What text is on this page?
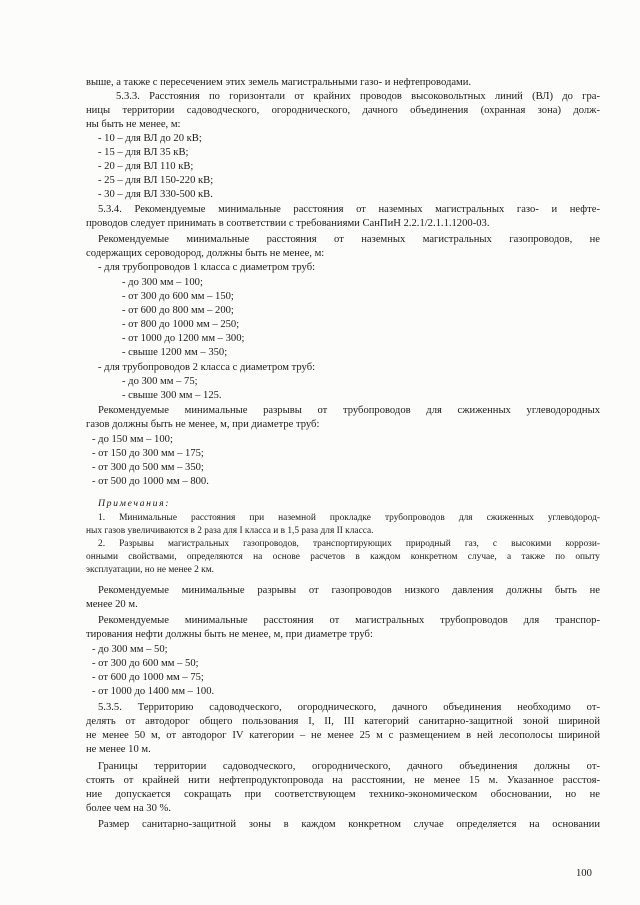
выше, а также с пересечением этих земель магистральными газо- и нефтепроводами.
5.3.3. Расстояния по горизонтали от крайних проводов высоковольтных линий (ВЛ) до гра-
ницы территории садоводческого, огороднического, дачного объединения (охранная зона) долж-
ны быть не менее, м:
- 10 – для ВЛ до 20 кВ;
- 15 – для ВЛ 35 кВ;
- 20 – для ВЛ 110 кВ;
- 25 – для ВЛ 150-220 кВ;
- 30 – для ВЛ 330-500 кВ.
5.3.4. Рекомендуемые минимальные расстояния от наземных магистральных газо- и нефте-
проводов следует принимать в соответствии с требованиями СанПиН 2.2.1/2.1.1.1200-03.
Рекомендуемые минимальные расстояния от наземных магистральных газопроводов, не
содержащих сероводород, должны быть не менее, м:
- для трубопроводов 1 класса с диаметром труб:
- до 300 мм – 100;
- от 300 до 600 мм – 150;
- от 600 до 800 мм – 200;
- от 800 до 1000 мм – 250;
- от 1000 до 1200 мм – 300;
- свыше 1200 мм – 350;
- для трубопроводов 2 класса с диаметром труб:
- до 300 мм – 75;
- свыше 300 мм – 125.
Рекомендуемые минимальные разрывы от трубопроводов для сжиженных углеводородных
газов должны быть не менее, м, при диаметре труб:
- до 150 мм – 100;
- от 150 до 300 мм – 175;
- от 300 до 500 мм – 350;
- от 500 до 1000 мм – 800.
Примечания:
1. Минимальные расстояния при наземной прокладке трубопроводов для сжиженных углеводород-
ных газов увеличиваются в 2 раза для I класса и в 1,5 раза для II класса.
2. Разрывы магистральных газопроводов, транспортирующих природный газ, с высокими коррози-
онными свойствами, определяются на основе расчетов в каждом конкретном случае, а также по опыту
эксплуатации, но не менее 2 км.
Рекомендуемые минимальные разрывы от газопроводов низкого давления должны быть не
менее 20 м.
Рекомендуемые минимальные расстояния от магистральных трубопроводов для транспор-
тирования нефти должны быть не менее, м, при диаметре труб:
- до 300 мм – 50;
- от 300 до 600 мм – 50;
- от 600 до 1000 мм – 75;
- от 1000 до 1400 мм – 100.
5.3.5. Территорию садоводческого, огороднического, дачного объединения необходимо от-
делять от автодорог общего пользования I, II, III категорий санитарно-защитной зоной шириной
не менее 50 м, от автодорог IV категории – не менее 25 м с размещением в ней лесополосы шириной
не менее 10 м.
Границы территории садоводческого, огороднического, дачного объединения должны от-
стоять от крайней нити нефтепродуктопровода на расстоянии, не менее 15 м. Указанное расстоя-
ние допускается сокращать при соответствующем технико-экономическом обосновании, но не
более чем на 30 %.
Размер санитарно-защитной зоны в каждом конкретном случае определяется на основании
100
